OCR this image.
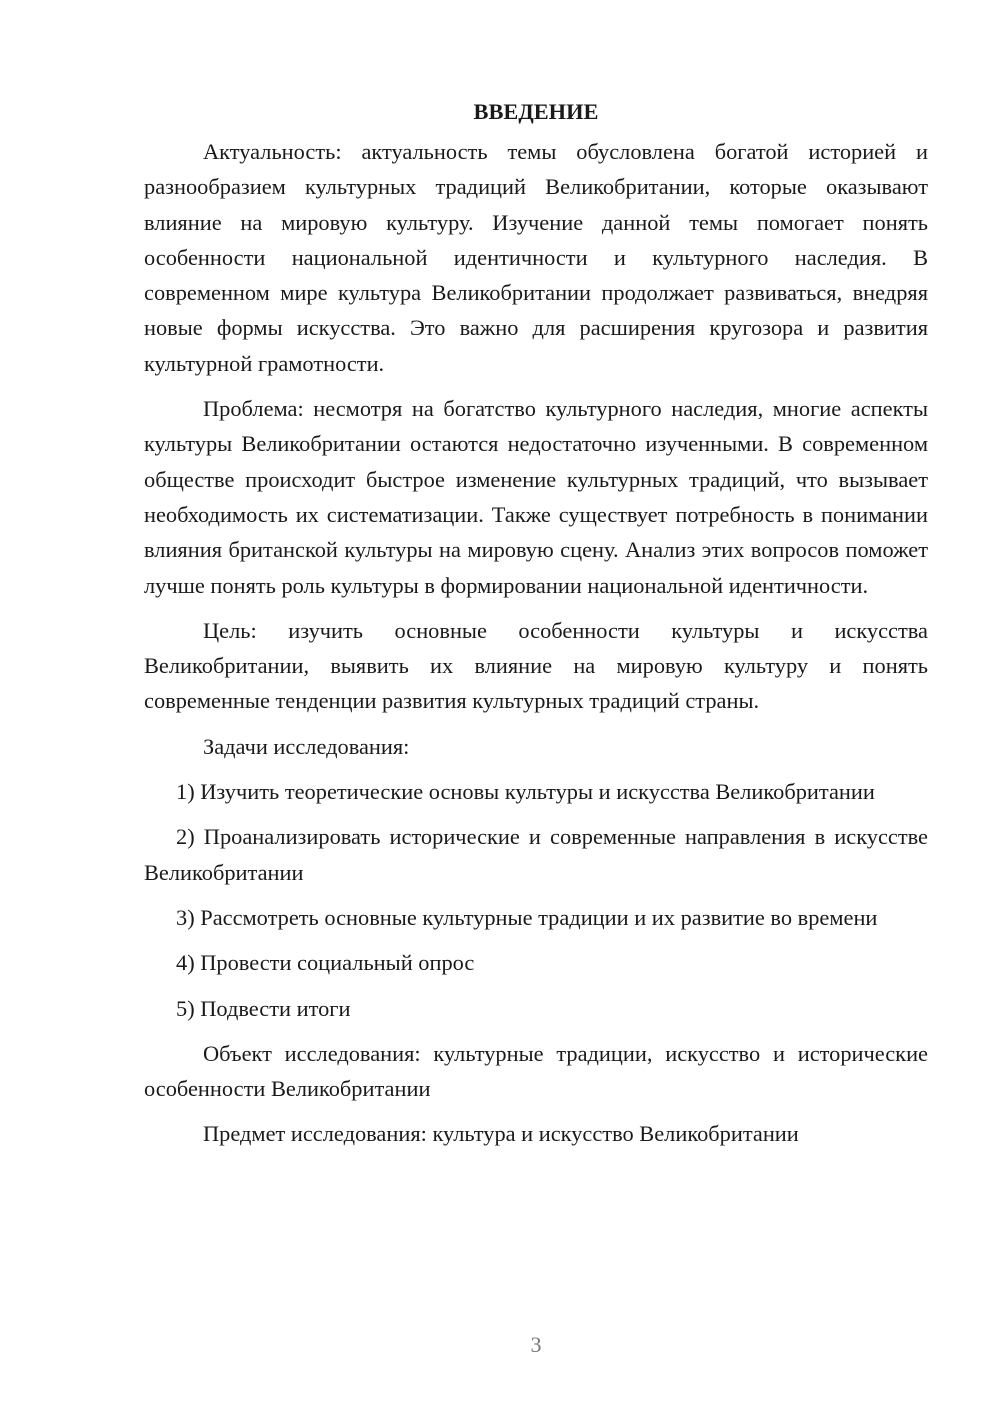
ВВЕДЕНИЕ

Актуальность: актуальность темы обусловлена богатой историей и разнообразием культурных традиций Великобритании, которые оказывают влияние на мировую культуру. Изучение данной темы помогает понять особенности национальной идентичности и культурного наследия. В современном мире культура Великобритании продолжает развиваться, внедряя новые формы искусства. Это важно для расширения кругозора и развития культурной грамотности.

Проблема: несмотря на богатство культурного наследия, многие аспекты культуры Великобритании остаются недостаточно изученными. В современном обществе происходит быстрое изменение культурных традиций, что вызывает необходимость их систематизации. Также существует потребность в понимании влияния британской культуры на мировую сцену. Анализ этих вопросов поможет лучше понять роль культуры в формировании национальной идентичности.

Цель: изучить основные особенности культуры и искусства Великобритании, выявить их влияние на мировую культуру и понять современные тенденции развития культурных традиций страны.

Задачи исследования:

1) Изучить теоретические основы культуры и искусства Великобритании

2) Проанализировать исторические и современные направления в искусстве Великобритании

3) Рассмотреть основные культурные традиции и их развитие во времени

4) Провести социальный опрос

5) Подвести итоги

Объект исследования: культурные традиции, искусство и исторические особенности Великобритании

Предмет исследования: культура и искусство Великобритании

3
